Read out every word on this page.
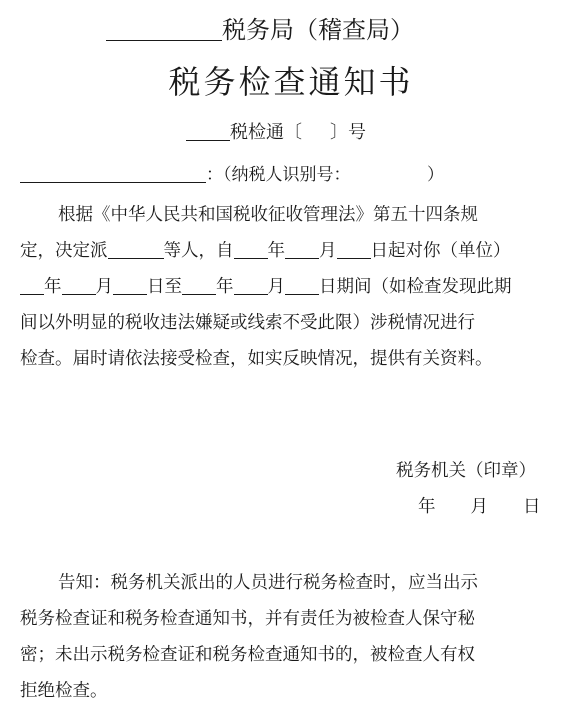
税务局（稽查局）
税务检查通知书
税检通〔 〕号
：（纳税人识别号：　　　　　）
根据《中华人民共和国税收征收管理法》第五十四条规
定，决定派	等人，自 年 月 日起对你（单位）
年 月 日至 年 月 日期间（如检查发现此期
间以外明显的税收违法嫌疑或线索不受此限）涉税情况进行
检查。届时请依法接受检查，如实反映情况，提供有关资料。
税务机关（印章）
年　　月　　日
告知：税务机关派出的人员进行税务检查时，应当出示
税务检查证和税务检查通知书，并有责任为被检查人保守秘
密；未出示税务检查证和税务检查通知书的，被检查人有权
拒绝检查。
